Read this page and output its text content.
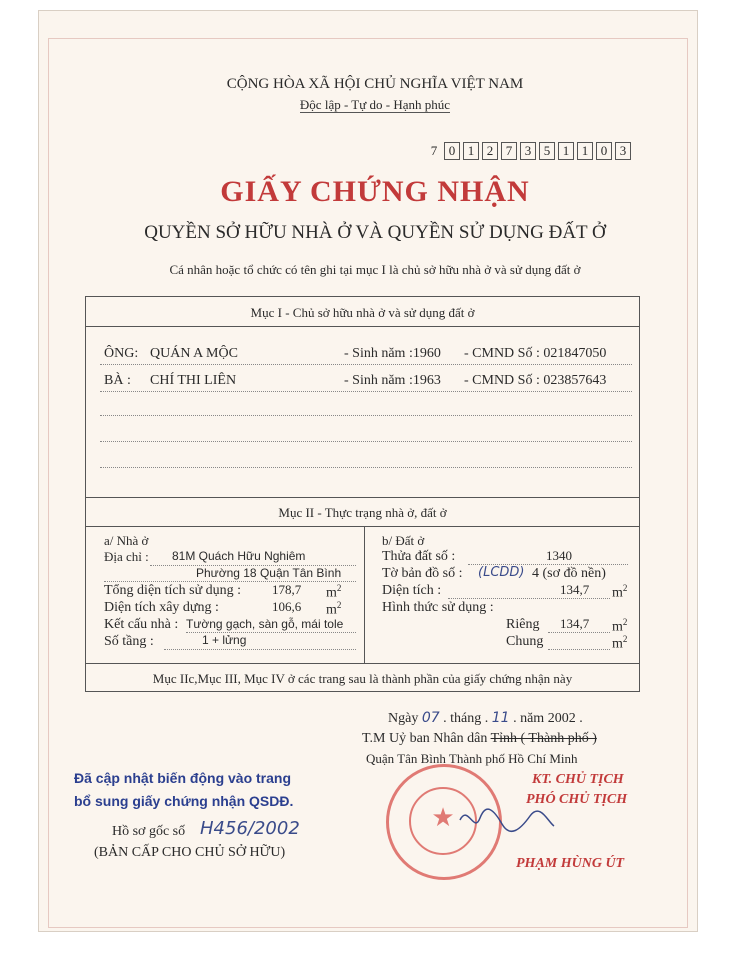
CỘNG HÒA XÃ HỘI CHỦ NGHĨA VIỆT NAM
Độc lập - Tự do - Hạnh phúc
7 0 1 2 7 3 5 1 1 0 3
GIẤY CHỨNG NHẬN
QUYỀN SỞ HỮU NHÀ Ở VÀ QUYỀN SỬ DỤNG ĐẤT Ở
Cá nhân hoặc tổ chức có tên ghi tại mục I là chủ sở hữu nhà ở và sử dụng đất ở
Mục I - Chủ sở hữu nhà ở và sử dụng đất ở
ÔNG: QUÁN A MỘC	- Sinh năm :1960 - CMND Số : 021847050
BÀ : CHÍ THI LIÊN	- Sinh năm :1963 - CMND Số : 023857643
Mục II - Thực trạng nhà ở, đất ở
a/ Nhà ở
Địa chỉ : 81M Quách Hữu Nghiêm
Phường 18 Quận Tân Bình
Tổng diện tích sử dụng : 178,7 $m^2$
Diện tích xây dựng :	106,6 $m^2$
Kết cấu nhà : Tường gạch, sàn gỗ, mái tole
Số tầng :	1 + lửng
b/ Đất ở
Thửa đất số :	1340
Tờ bản đồ số : (LCDD) 4 (sơ đồ nền)
Diện tích :	134,7 $m^2$
Hình thức sử dụng :
Riêng 134,7 $m^2$
Chung	$m^2$
Mục IIc,Mục III, Mục IV ở các trang sau là thành phần của giấy chứng nhận này
Ngày 07 . tháng . 11 . năm 2002 .
T.M Uỷ ban Nhân dân Tỉnh ( Thành phố )
Quận Tân Bình Thành phố Hồ Chí Minh
KT. CHỦ TỊCH
PHÓ CHỦ TỊCH
★
PHẠM HÙNG ÚT
Đã cập nhật biến động vào trang
bổ sung giấy chứng nhận QSDĐ.
Hồ sơ gốc số H456/2002
(BẢN CẤP CHO CHỦ SỞ HỮU)
